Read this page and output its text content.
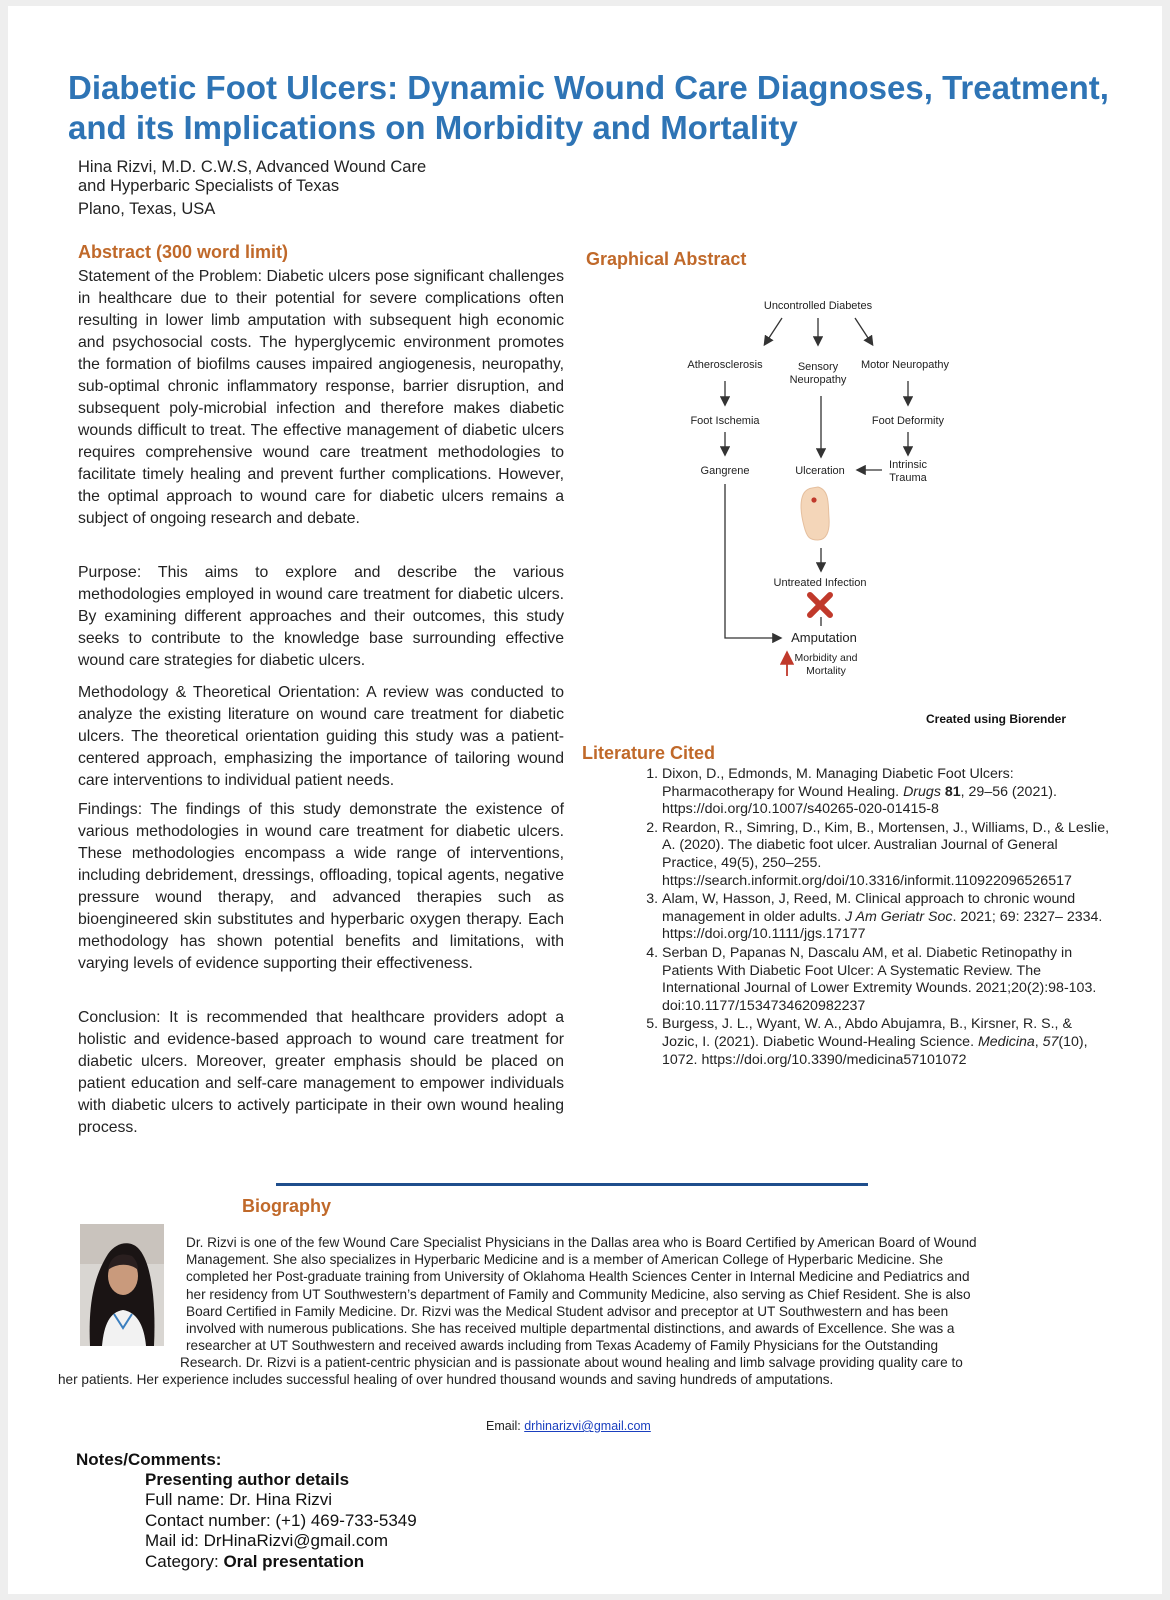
Diabetic Foot Ulcers: Dynamic Wound Care Diagnoses, Treatment, and its Implications on Morbidity and Mortality
Hina Rizvi, M.D. C.W.S, Advanced Wound Care
and Hyperbaric Specialists of Texas
Plano, Texas, USA
Abstract (300 word limit)
Statement of the Problem: Diabetic ulcers pose significant challenges in healthcare due to their potential for severe complications often resulting in lower limb amputation with subsequent high economic and psychosocial costs. The hyperglycemic environment promotes the formation of biofilms causes impaired angiogenesis, neuropathy, sub-optimal chronic inflammatory response, barrier disruption, and subsequent poly-microbial infection and therefore makes diabetic wounds difficult to treat. The effective management of diabetic ulcers requires comprehensive wound care treatment methodologies to facilitate timely healing and prevent further complications. However, the optimal approach to wound care for diabetic ulcers remains a subject of ongoing research and debate.
Purpose: This aims to explore and describe the various methodologies employed in wound care treatment for diabetic ulcers. By examining different approaches and their outcomes, this study seeks to contribute to the knowledge base surrounding effective wound care strategies for diabetic ulcers.
Methodology & Theoretical Orientation: A review was conducted to analyze the existing literature on wound care treatment for diabetic ulcers. The theoretical orientation guiding this study was a patient-centered approach, emphasizing the importance of tailoring wound care interventions to individual patient needs.
Findings: The findings of this study demonstrate the existence of various methodologies in wound care treatment for diabetic ulcers. These methodologies encompass a wide range of interventions, including debridement, dressings, offloading, topical agents, negative pressure wound therapy, and advanced therapies such as bioengineered skin substitutes and hyperbaric oxygen therapy. Each methodology has shown potential benefits and limitations, with varying levels of evidence supporting their effectiveness.
Conclusion: It is recommended that healthcare providers adopt a holistic and evidence-based approach to wound care treatment for diabetic ulcers. Moreover, greater emphasis should be placed on patient education and self-care management to empower individuals with diabetic ulcers to actively participate in their own wound healing process.
Graphical Abstract
Uncontrolled Diabetes
Atherosclerosis	Sensory
Neuropathy
Motor Neuropathy
Foot Ischemia	Foot Deformity
Gangrene	Ulceration	Intrinsic
Trauma
Untreated Infection
Amputation
Morbidity and
Mortality
Created using Biorender
Literature Cited
1. Dixon, D., Edmonds, M. Managing Diabetic Foot Ulcers: Pharmacotherapy for Wound Healing. Drugs 81, 29–56 (2021). https://doi.org/10.1007/s40265-020-01415-8
2. Reardon, R., Simring, D., Kim, B., Mortensen, J., Williams, D., & Leslie, A. (2020). The diabetic foot ulcer. Australian Journal of General Practice, 49(5), 250–255. https://search.informit.org/doi/10.3316/informit.110922096526517
3. Alam, W, Hasson, J, Reed, M. Clinical approach to chronic wound management in older adults. J Am Geriatr Soc. 2021; 69: 2327– 2334. https://doi.org/10.1111/jgs.17177
4. Serban D, Papanas N, Dascalu AM, et al. Diabetic Retinopathy in Patients With Diabetic Foot Ulcer: A Systematic Review. The International Journal of Lower Extremity Wounds. 2021;20(2):98-103. doi:10.1177/1534734620982237
5. Burgess, J. L., Wyant, W. A., Abdo Abujamra, B., Kirsner, R. S., & Jozic, I. (2021). Diabetic Wound-Healing Science. Medicina, 57(10), 1072. https://doi.org/10.3390/medicina57101072
Biography
Dr. Rizvi is one of the few Wound Care Specialist Physicians in the Dallas area who is Board Certified by American Board of Wound
Management. She also specializes in Hyperbaric Medicine and is a member of American College of Hyperbaric Medicine. She
completed her Post-graduate training from University of Oklahoma Health Sciences Center in Internal Medicine and Pediatrics and
her residency from UT Southwestern’s department of Family and Community Medicine, also serving as Chief Resident. She is also
Board Certified in Family Medicine. Dr. Rizvi was the Medical Student advisor and preceptor at UT Southwestern and has been
involved with numerous publications. She has received multiple departmental distinctions, and awards of Excellence. She was a
researcher at UT Southwestern and received awards including from Texas Academy of Family Physicians for the Outstanding
Research. Dr. Rizvi is a patient-centric physician and is passionate about wound healing and limb salvage providing quality care to
her patients. Her experience includes successful healing of over hundred thousand wounds and saving hundreds of amputations.
Email: drhinarizvi@gmail.com
Notes/Comments:
Presenting author details
Full name: Dr. Hina Rizvi
Contact number: (+1) 469-733-5349
Mail id: DrHinaRizvi@gmail.com
Category: Oral presentation
